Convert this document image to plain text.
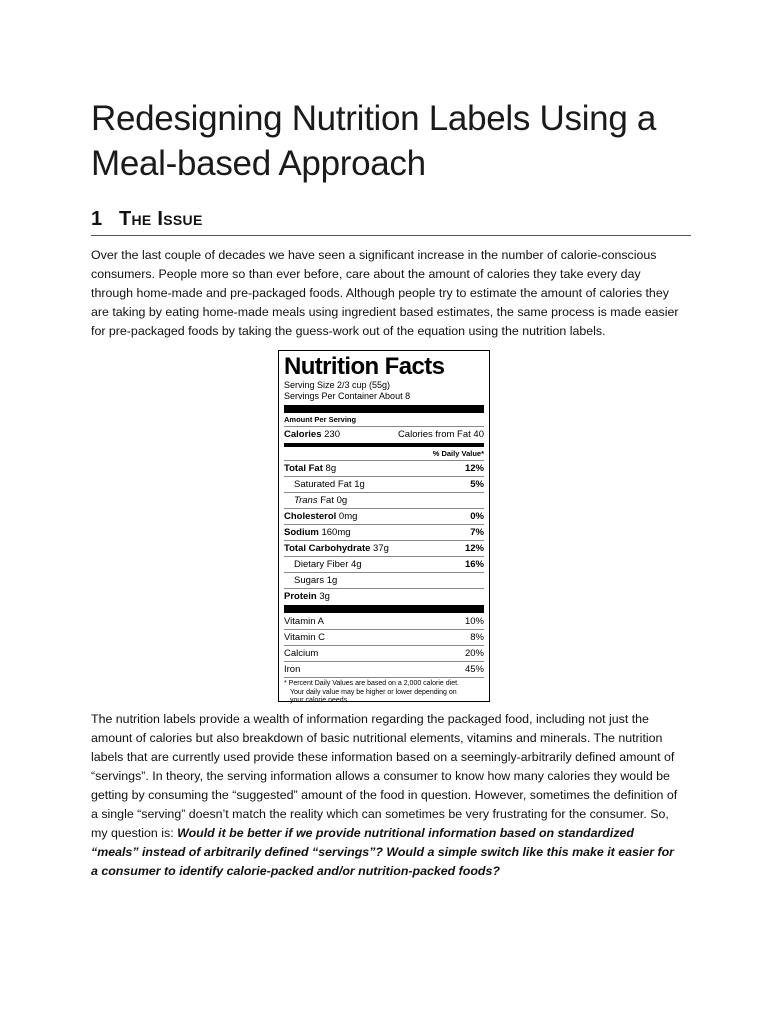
Redesigning Nutrition Labels Using a Meal-based Approach
1 The Issue

Over the last couple of decades we have seen a significant increase in the number of calorie-conscious consumers. People more so than ever before, care about the amount of calories they take every day through home-made and pre-packaged foods. Although people try to estimate the amount of calories they are taking by eating home-made meals using ingredient based estimates, the same process is made easier for pre-packaged foods by taking the guess-work out of the equation using the nutrition labels.

Nutrition Facts
Serving Size 2/3 cup (55g)
Servings Per Container About 8
Amount Per Serving
Calories 230	Calories from Fat 40
% Daily Value*
Total Fat 8g	12%
Saturated Fat 1g	5%
Trans Fat 0g
Cholesterol 0mg	0%
Sodium 160mg	7%
Total Carbohydrate 37g	12%
Dietary Fiber 4g	16%
Sugars 1g
Protein 3g
Vitamin A	10%
Vitamin C	8%
Calcium	20%
Iron	45%
* Percent Daily Values are based on a 2,000 calorie diet.
Your daily value may be higher or lower depending on
your calorie needs.

The nutrition labels provide a wealth of information regarding the packaged food, including not just the amount of calories but also breakdown of basic nutritional elements, vitamins and minerals. The nutrition labels that are currently used provide these information based on a seemingly-arbitrarily defined amount of “servings”. In theory, the serving information allows a consumer to know how many calories they would be getting by consuming the “suggested” amount of the food in question. However, sometimes the definition of a single “serving” doesn’t match the reality which can sometimes be very frustrating for the consumer. So, my question is: Would it be better if we provide nutritional information based on standardized “meals” instead of arbitrarily defined “servings”? Would a simple switch like this make it easier for a consumer to identify calorie-packed and/or nutrition-packed foods?
